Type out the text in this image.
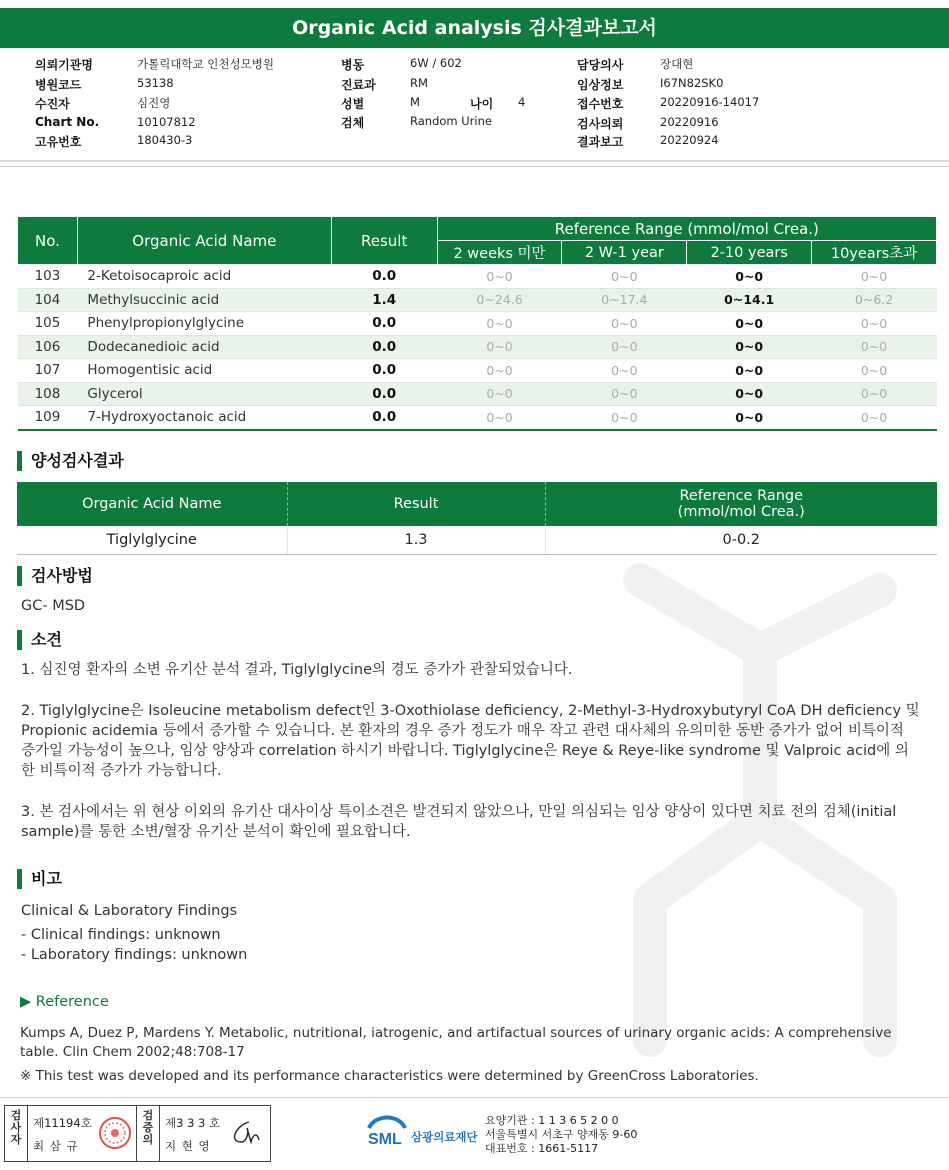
Organic Acid analysis 검사결과보고서
의뢰기관명	가톨릭대학교 인천성모병원
병원코드	53138
수진자	심진영
Chart No.	10107812
고유번호	180430-3
병동	6W / 602
진료과	RM
성별	M	나이 4
검체	Random Urine
담당의사	장대현
임상정보	I67N82SK0
접수번호	20220916-14017
검사의뢰	20220916
결과보고	20220924
No.	Organic Acid Name	Result	Reference Range (mmol/mol Crea.)			
			2 weeks 미만	2 W-1 year	2-10 years	10years초과
103	2-Ketoisocaproic acid	0.0	0~0	0~0	0~0	0~0
104	Methylsuccinic acid	1.4	0~24.6	0~17.4	0~14.1	0~6.2
105	Phenylpropionylglycine	0.0	0~0	0~0	0~0	0~0
106	Dodecanedioic acid	0.0	0~0	0~0	0~0	0~0
107	Homogentisic acid	0.0	0~0	0~0	0~0	0~0
108	Glycerol	0.0	0~0	0~0	0~0	0~0
109	7-Hydroxyoctanoic acid	0.0	0~0	0~0	0~0	0~0
양성검사결과
Organic Acid Name	Result	Reference Range
(mmol/mol Crea.)

Tiglylglycine	1.3	0-0.2
검사방법
GC- MSD
소견
1. 심진영 환자의 소변 유기산 분석 결과, Tiglylglycine의 경도 증가가 관찰되었습니다.
2. Tiglylglycine은 Isoleucine metabolism defect인 3-Oxothiolase deficiency, 2-Methyl-3-Hydroxybutyryl CoA DH deficiency 및 Propionic acidemia 등에서 증가할 수 있습니다. 본 환자의 경우 증가 정도가 매우 작고 관련 대사체의 유의미한 동반 증가가 없어 비특이적 증가일 가능성이 높으나, 임상 양상과 correlation 하시기 바랍니다. Tiglylglycine은 Reye & Reye-like syndrome 및 Valproic acid에 의한 비특이적 증가가 가능합니다.
3. 본 검사에서는 위 현상 이외의 유기산 대사이상 특이소견은 발견되지 않았으나, 만일 의심되는 임상 양상이 있다면 치료 전의 검체(initial sample)를 통한 소변/혈장 유기산 분석이 확인에 필요합니다.
비고
Clinical & Laboratory Findings
- Clinical findings: unknown
- Laboratory findings: unknown
▶ Reference
Kumps A, Duez P, Mardens Y. Metabolic, nutritional, iatrogenic, and artifactual sources of urinary organic acids: A comprehensive table. Clin Chem 2002;48:708-17
※ This test was developed and its performance characteristics were determined by GreenCross Laboratories.
검사자
제11194호
최 삼 규
검증의
제3 3 3 호
지 현 영	SML 삼광의료재단
요양기관 : 1 1 3 6 5 2 0 0
서울특별시 서초구 양재동 9-60
대표번호 : 1661-5117
